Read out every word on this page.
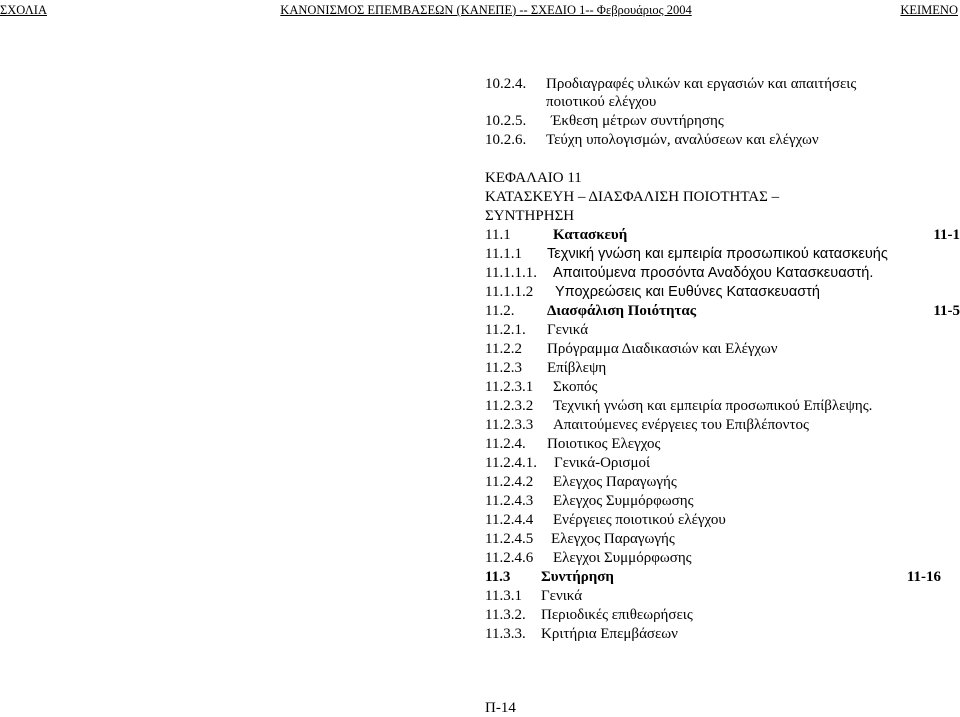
ΣΧΟΛΙΑ	ΚΑΝΟΝΙΣΜΟΣ ΕΠΕΜΒΑΣΕΩΝ (ΚΑΝΕΠΕ) -- ΣΧΕΔΙΟ 1-- Φεβρουάριος 2004	ΚΕΙΜΕΝΟ
10.2.4. Προδιαγραφές υλικών και εργασιών και απαιτήσεις
ποιοτικού ελέγχου
10.2.5. Έκθεση μέτρων συντήρησης
10.2.6. Τεύχη υπολογισμών, αναλύσεων και ελέγχων
ΚΕΦΑΛΑΙΟ 11
ΚΑΤΑΣΚΕΥΗ – ΔΙΑΣΦΑΛΙΣΗ ΠΟΙΟΤΗΤΑΣ –
ΣΥΝΤΗΡΗΣΗ
11.1	Κατασκευή	11-1
11.1.1 Τεχνική γνώση και εμπειρία προσωπικού κατασκευής
11.1.1.1. Απαιτούμενα προσόντα Αναδόχου Κατασκευαστή.
11.1.1.2 Υποχρεώσεις και Ευθύνες Κατασκευαστή
11.2. Διασφάλιση Ποιότητας	11-5
11.2.1. Γενικά
11.2.2 Πρόγραμμα Διαδικασιών και Ελέγχων
11.2.3 Επίβλεψη
11.2.3.1 Σκοπός
11.2.3.2 Τεχνική γνώση και εμπειρία προσωπικού Επίβλεψης.
11.2.3.3 Απαιτούμενες ενέργειες του Επιβλέποντος
11.2.4. Ποιοτικος Ελεγχος
11.2.4.1. Γενικά-Ορισμοί
11.2.4.2 Ελεγχος Παραγωγής
11.2.4.3 Ελεγχος Συμμόρφωσης
11.2.4.4 Ενέργειες ποιοτικού ελέγχου
11.2.4.5 Ελεγχος Παραγωγής
11.2.4.6 Ελεγχοι Συμμόρφωσης
11.3 Συντήρηση	11-16
11.3.1 Γενικά
11.3.2. Περιοδικές επιθεωρήσεις
11.3.3. Κριτήρια Επεμβάσεων
Π-14
